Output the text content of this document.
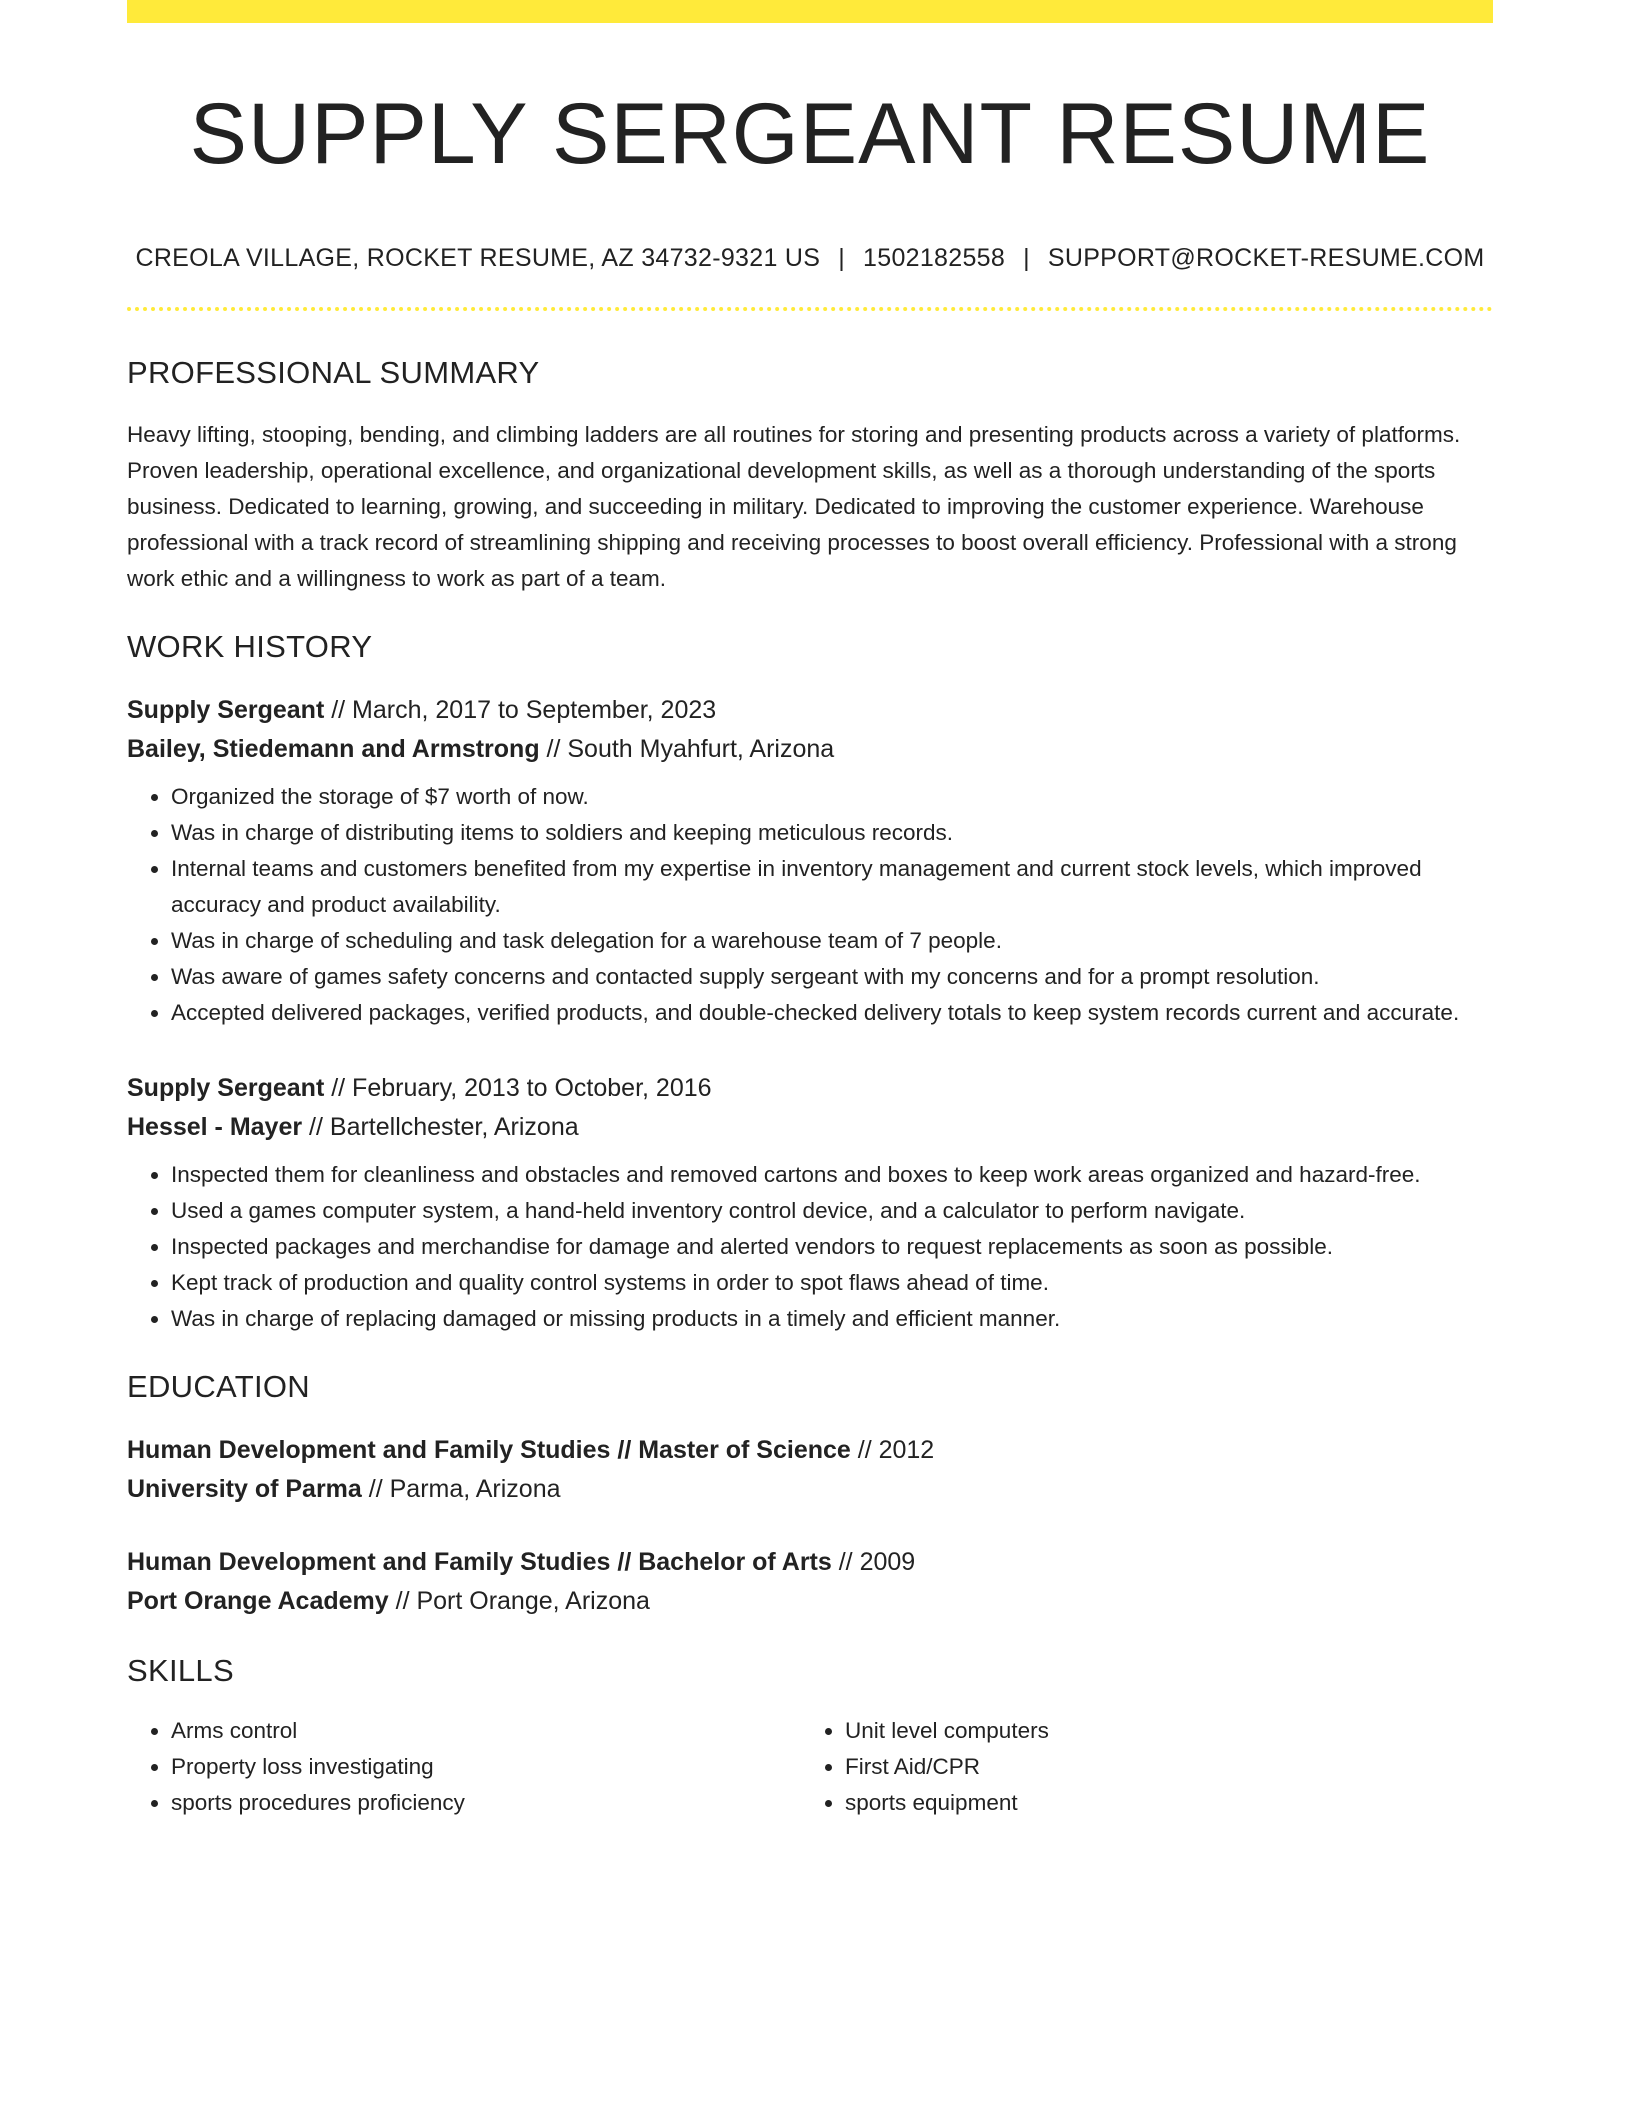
SUPPLY SERGEANT RESUME
CREOLA VILLAGE, ROCKET RESUME, AZ 34732-9321 US | 1502182558 | SUPPORT@ROCKET-RESUME.COM
PROFESSIONAL SUMMARY

Heavy lifting, stooping, bending, and climbing ladders are all routines for storing and presenting products across a variety of platforms. Proven leadership, operational excellence, and organizational development skills, as well as a thorough understanding of the sports business. Dedicated to learning, growing, and succeeding in military. Dedicated to improving the customer experience. Warehouse professional with a track record of streamlining shipping and receiving processes to boost overall efficiency. Professional with a strong work ethic and a willingness to work as part of a team.

WORK HISTORY
Supply Sergeant // March, 2017 to September, 2023
Bailey, Stiedemann and Armstrong // South Myahfurt, Arizona
• Organized the storage of $7 worth of now.
• Was in charge of distributing items to soldiers and keeping meticulous records.
• Internal teams and customers benefited from my expertise in inventory management and current stock levels, which improved accuracy and product availability.
• Was in charge of scheduling and task delegation for a warehouse team of 7 people.
• Was aware of games safety concerns and contacted supply sergeant with my concerns and for a prompt resolution.
• Accepted delivered packages, verified products, and double-checked delivery totals to keep system records current and accurate.
Supply Sergeant // February, 2013 to October, 2016
Hessel - Mayer // Bartellchester, Arizona
• Inspected them for cleanliness and obstacles and removed cartons and boxes to keep work areas organized and hazard-free.
• Used a games computer system, a hand-held inventory control device, and a calculator to perform navigate.
• Inspected packages and merchandise for damage and alerted vendors to request replacements as soon as possible.
• Kept track of production and quality control systems in order to spot flaws ahead of time.
• Was in charge of replacing damaged or missing products in a timely and efficient manner.
EDUCATION
Human Development and Family Studies // Master of Science // 2012
University of Parma // Parma, Arizona
Human Development and Family Studies // Bachelor of Arts // 2009
Port Orange Academy // Port Orange, Arizona
SKILLS
• Arms control
• Property loss investigating
• sports procedures proficiency
• Unit level computers
• First Aid/CPR
• sports equipment
